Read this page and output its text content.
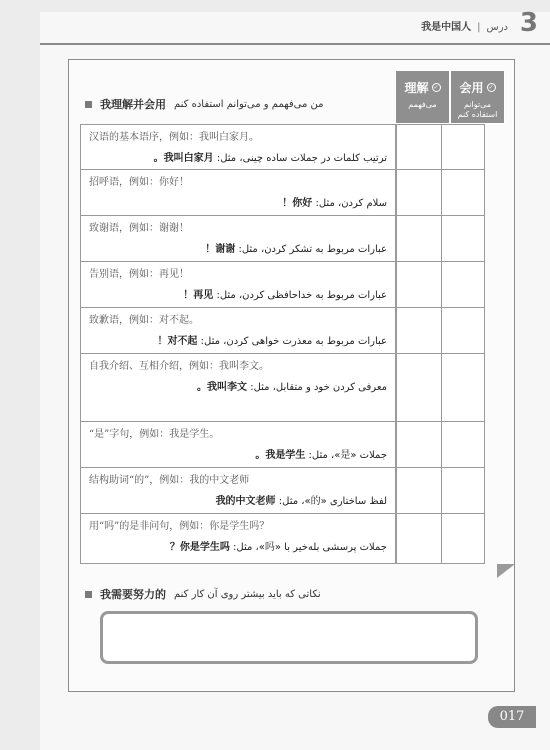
我是中国人 | درس 3
我理解并会用 من می‌فهمم و می‌توانم استفاده کنم
理解 ✓
می‌فهمم
会用 ✓
می‌توانم استفاده کنم
汉语的基本语序，例如：我叫白家月。
ترتیب کلمات در جملات ساده چینی، مثل: 我叫白家月。
招呼语，例如：你好！
سلام کردن، مثل: 你好！
致谢语，例如：谢谢！
عبارات مربوط به تشکر کردن، مثل: 谢谢！
告别语，例如：再见！
عبارات مربوط به خداحافظی کردن، مثل: 再见！
致歉语，例如：对不起。
عبارات مربوط به معذرت خواهی کردن، مثل: 对不起！
自我介绍、互相介绍，例如：我叫李文。
معرفی کردن خود و متقابل، مثل: 我叫李文。
“是”字句，例如：我是学生。
جملات «是»، مثل: 我是学生。
结构助词“的”，例如：我的中文老师
لفظ ساختاری «的»، مثل: 我的中文老师
用“吗”的是非问句，例如：你是学生吗？
جملات پرسشی بله‌خیر با «吗»، مثل: 你是学生吗？
我需要努力的 نکاتی که باید بیشتر روی آن کار کنم
017
